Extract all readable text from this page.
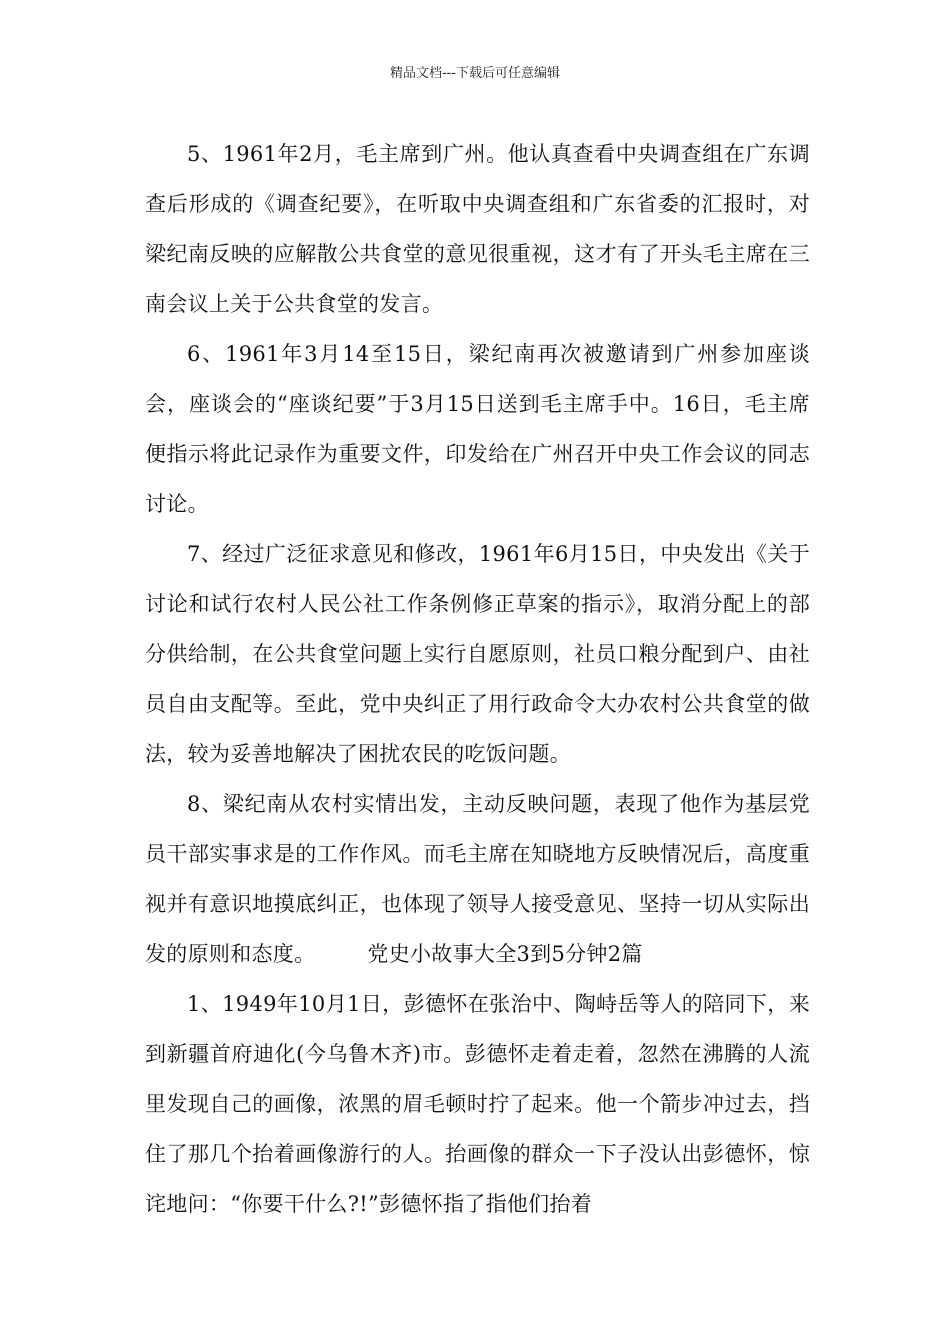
精品文档---下载后可任意编辑

5、1961年2月，毛主席到广州。他认真查看中央调查组在广东调查后形成的《调查纪要》，在听取中央调查组和广东省委的汇报时，对梁纪南反映的应解散公共食堂的意见很重视，这才有了开头毛主席在三南会议上关于公共食堂的发言。

6、1961年3月14至15日，梁纪南再次被邀请到广州参加座谈会，座谈会的“座谈纪要”于3月15日送到毛主席手中。16日，毛主席便指示将此记录作为重要文件，印发给在广州召开中央工作会议的同志讨论。

7、经过广泛征求意见和修改，1961年6月15日，中央发出《关于讨论和试行农村人民公社工作条例修正草案的指示》，取消分配上的部分供给制，在公共食堂问题上实行自愿原则，社员口粮分配到户、由社员自由支配等。至此，党中央纠正了用行政命令大办农村公共食堂的做法，较为妥善地解决了困扰农民的吃饭问题。

8、梁纪南从农村实情出发，主动反映问题，表现了他作为基层党员干部实事求是的工作作风。而毛主席在知晓地方反映情况后，高度重视并有意识地摸底纠正，也体现了领导人接受意见、坚持一切从实际出发的原则和态度。 党史小故事大全3到5分钟2篇

1、1949年10月1日，彭德怀在张治中、陶峙岳等人的陪同下，来到新疆首府迪化(今乌鲁木齐)市。彭德怀走着走着，忽然在沸腾的人流里发现自己的画像，浓黑的眉毛顿时拧了起来。他一个箭步冲过去，挡住了那几个抬着画像游行的人。抬画像的群众一下子没认出彭德怀，惊诧地问：“你要干什么?!”彭德怀指了指他们抬着
